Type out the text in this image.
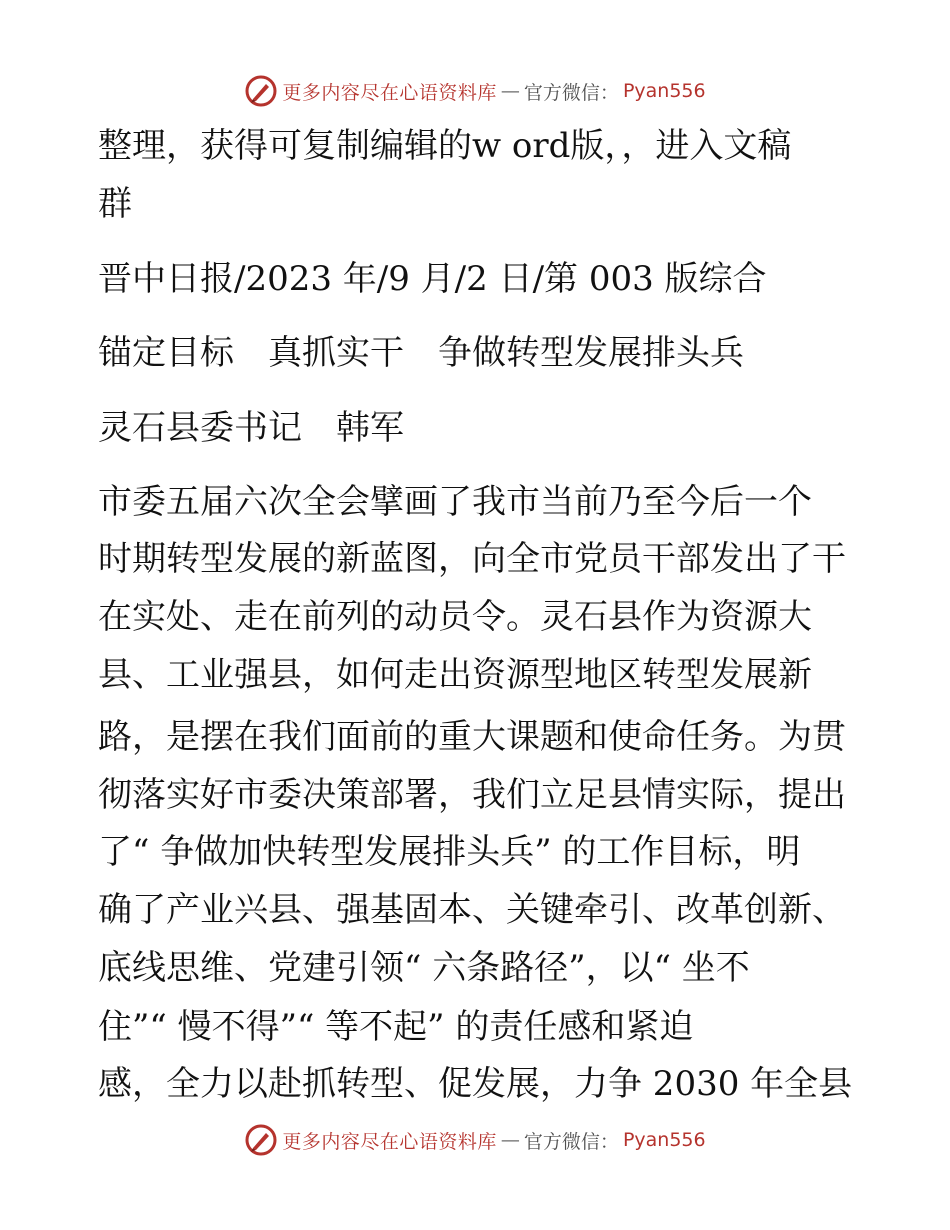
更多内容尽在心语资料库 — 官方微信： Pyan556
整理，获得可复制编辑的w ord版，，进入文稿
群
晋中日报/2023 年/9 月/2 日/第 003 版综合
锚定目标　真抓实干　争做转型发展排头兵
灵石县委书记　韩军
市委五届六次全会擘画了我市当前乃至今后一个
时期转型发展的新蓝图，向全市党员干部发出了干
在实处、走在前列的动员令。灵石县作为资源大
县、工业强县，如何走出资源型地区转型发展新
路，是摆在我们面前的重大课题和使命任务。为贯
彻落实好市委决策部署，我们立足县情实际，提出
了“ 争做加快转型发展排头兵” 的工作目标，明
确了产业兴县、强基固本、关键牵引、改革创新、
底线思维、党建引领“ 六条路径”，以“ 坐不
住”“ 慢不得”“ 等不起” 的责任感和紧迫
感，全力以赴抓转型、促发展，力争 2030 年全县
更多内容尽在心语资料库 — 官方微信： Pyan556
